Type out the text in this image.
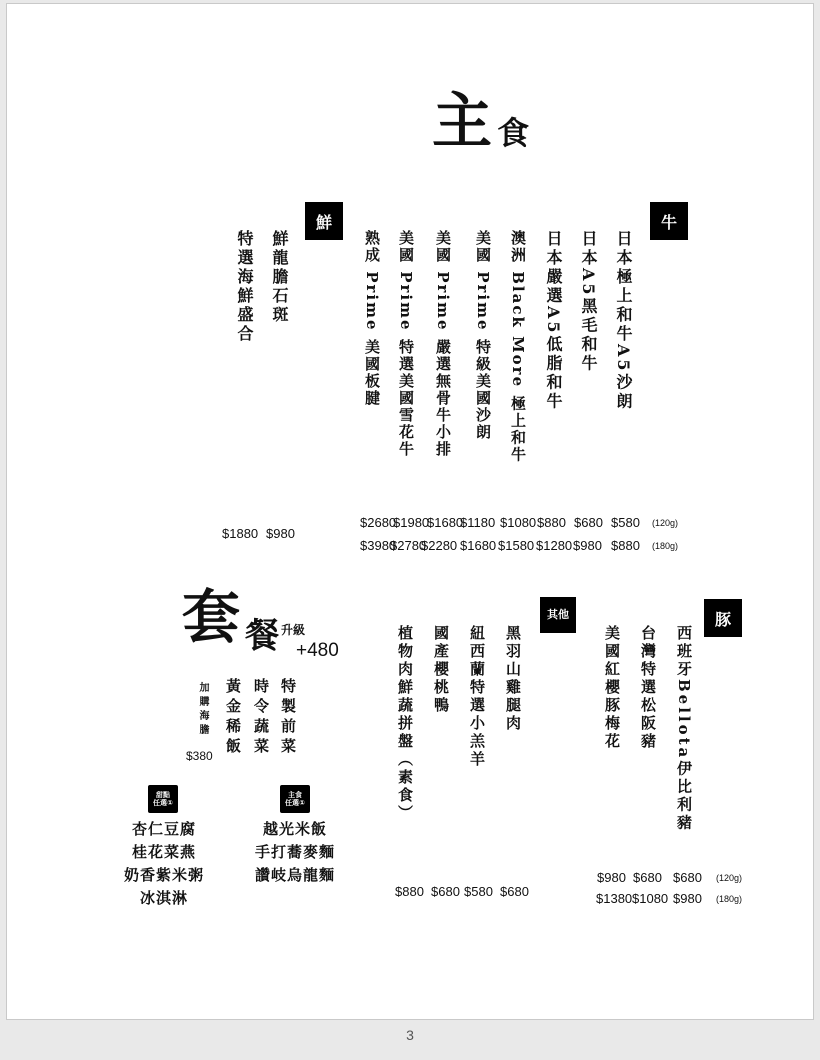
主 食
牛
日本極上和牛A5沙朗
日本A5黑毛和牛
日本嚴選A5低脂和牛
澳洲 Black More 極上和牛
美國 Prime 特級美國沙朗
美國 Prime 嚴選無骨牛小排
美國 Prime 特選美國雪花牛
熟成 Prime 美國板腱
$2680
$1980
$1680
$1180 $1080 $880 $680 $580 (120g)
$3980
$2780
$2280 $1680 $1580 $1280 $980 $880 (180g)
鮮
鮮龍膽石斑
特選海鮮盛合
$1880 $980
套 餐 升級
+480
特製前菜
時令蔬菜
黃金稀飯
加購海膽
$380
甜點
任選①
杏仁豆腐
桂花菜燕
奶香紫米粥
冰淇淋
主食
任選①
越光米飯
手打蕎麥麵
讚岐烏龍麵
其他
黑羽山雞腿肉
紐西蘭特選小羔羊
國產櫻桃鴨
植物肉鮮蔬拼盤（素食）
$880 $680 $580 $680
豚
西班牙Bellota伊比利豬
台灣特選松阪豬
美國紅櫻豚梅花
$980 $680 $680 (120g)
$1380 $1080 $980 (180g)
3
